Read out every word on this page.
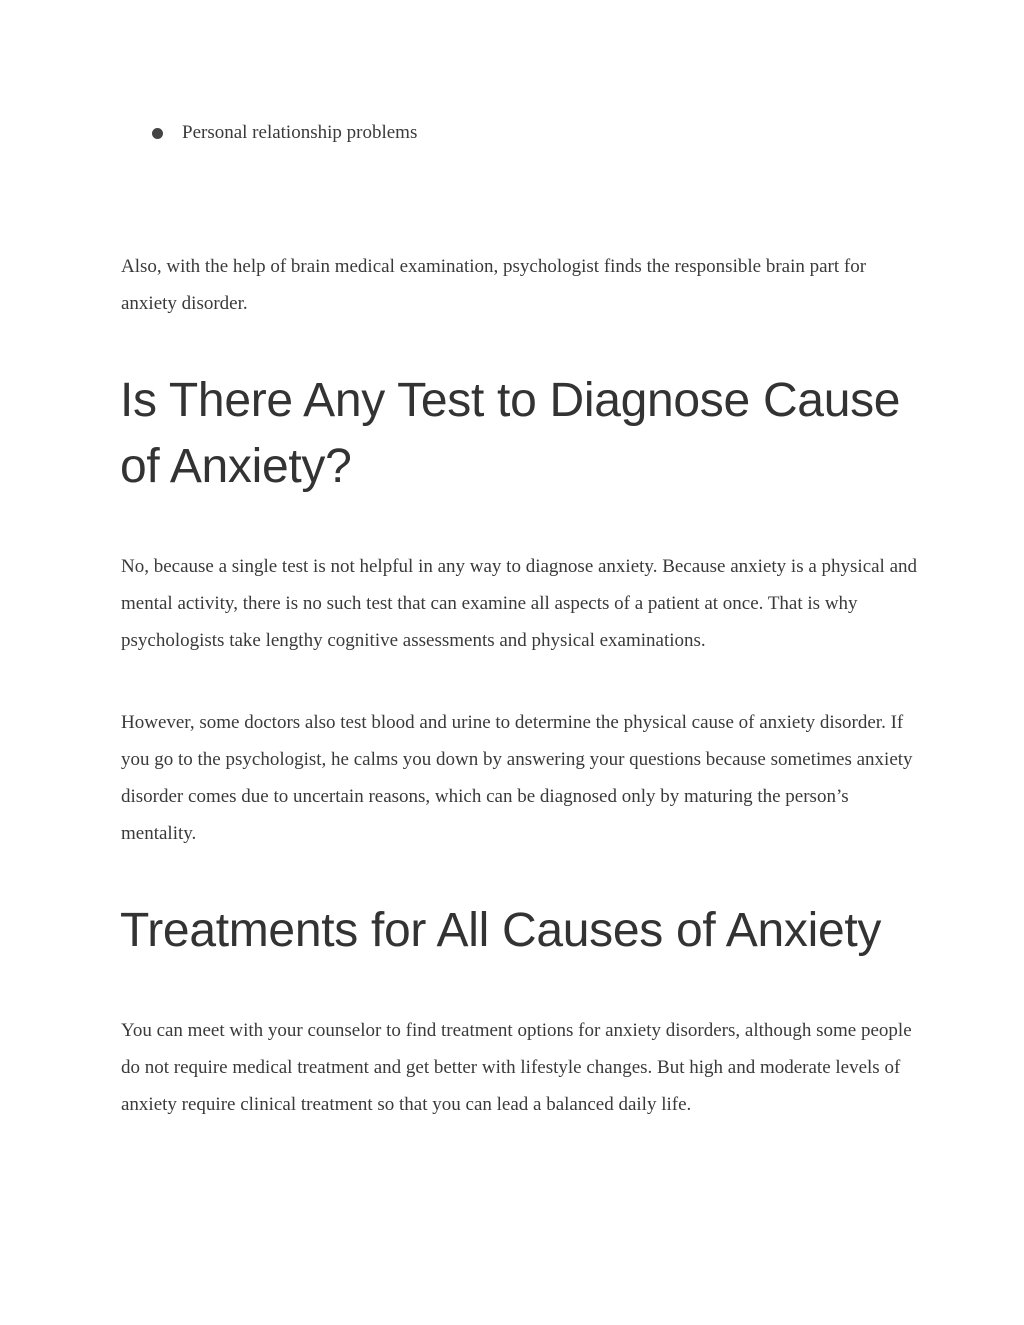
Personal relationship problems

Also, with the help of brain medical examination, psychologist finds the responsible brain part for anxiety disorder.

Is There Any Test to Diagnose Cause of Anxiety?

No, because a single test is not helpful in any way to diagnose anxiety. Because anxiety is a physical and mental activity, there is no such test that can examine all aspects of a patient at once. That is why psychologists take lengthy cognitive assessments and physical examinations.

However, some doctors also test blood and urine to determine the physical cause of anxiety disorder. If you go to the psychologist, he calms you down by answering your questions because sometimes anxiety disorder comes due to uncertain reasons, which can be diagnosed only by maturing the person’s mentality.

Treatments for All Causes of Anxiety

You can meet with your counselor to find treatment options for anxiety disorders, although some people do not require medical treatment and get better with lifestyle changes. But high and moderate levels of anxiety require clinical treatment so that you can lead a balanced daily life.
